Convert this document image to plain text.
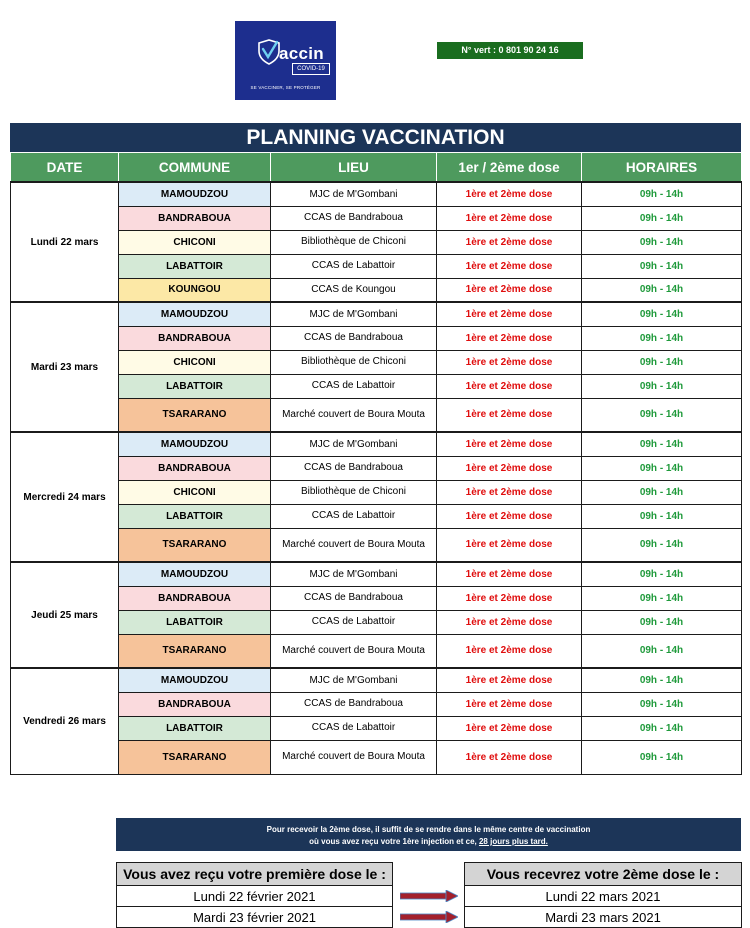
accin
COVID-19
SE VACCINER, SE PROTÉGER
N° vert : 0 801 90 24 16
PLANNING VACCINATION
DATE	COMMUNE	LIEU	1er / 2ème dose	HORAIRES
Lundi 22 mars	MAMOUDZOU	MJC de M'Gombani	1ère et 2ème dose	09h - 14h
	BANDRABOUA	CCAS de Bandraboua	1ère et 2ème dose	09h - 14h
	CHICONI	Bibliothèque de Chiconi	1ère et 2ème dose	09h - 14h
	LABATTOIR	CCAS de Labattoir	1ère et 2ème dose	09h - 14h
	KOUNGOU	CCAS de Koungou	1ère et 2ème dose	09h - 14h
Mardi 23 mars	MAMOUDZOU	MJC de M'Gombani	1ère et 2ème dose	09h - 14h
	BANDRABOUA	CCAS de Bandraboua	1ère et 2ème dose	09h - 14h
	CHICONI	Bibliothèque de Chiconi	1ère et 2ème dose	09h - 14h
	LABATTOIR	CCAS de Labattoir	1ère et 2ème dose	09h - 14h
	TSARARANO	Marché couvert de Boura Mouta	1ère et 2ème dose	09h - 14h
Mercredi 24 mars	MAMOUDZOU	MJC de M'Gombani	1ère et 2ème dose	09h - 14h
	BANDRABOUA	CCAS de Bandraboua	1ère et 2ème dose	09h - 14h
	CHICONI	Bibliothèque de Chiconi	1ère et 2ème dose	09h - 14h
	LABATTOIR	CCAS de Labattoir	1ère et 2ème dose	09h - 14h
	TSARARANO	Marché couvert de Boura Mouta	1ère et 2ème dose	09h - 14h
Jeudi 25 mars	MAMOUDZOU	MJC de M'Gombani	1ère et 2ème dose	09h - 14h
	BANDRABOUA	CCAS de Bandraboua	1ère et 2ème dose	09h - 14h
	LABATTOIR	CCAS de Labattoir	1ère et 2ème dose	09h - 14h
	TSARARANO	Marché couvert de Boura Mouta	1ère et 2ème dose	09h - 14h
Vendredi 26 mars	MAMOUDZOU	MJC de M'Gombani	1ère et 2ème dose	09h - 14h
	BANDRABOUA	CCAS de Bandraboua	1ère et 2ème dose	09h - 14h
	LABATTOIR	CCAS de Labattoir	1ère et 2ème dose	09h - 14h
	TSARARANO	Marché couvert de Boura Mouta	1ère et 2ème dose	09h - 14h
Pour recevoir la 2ème dose, il suffit de se rendre dans le même centre de vaccination
où vous avez reçu votre 1ère injection et ce, 28 jours plus tard.
Vous avez reçu votre première dose le :		Vous recevrez votre 2ème dose le :
Lundi 22 février 2021		Lundi 22 mars 2021
Mardi 23 février 2021		Mardi 23 mars 2021
